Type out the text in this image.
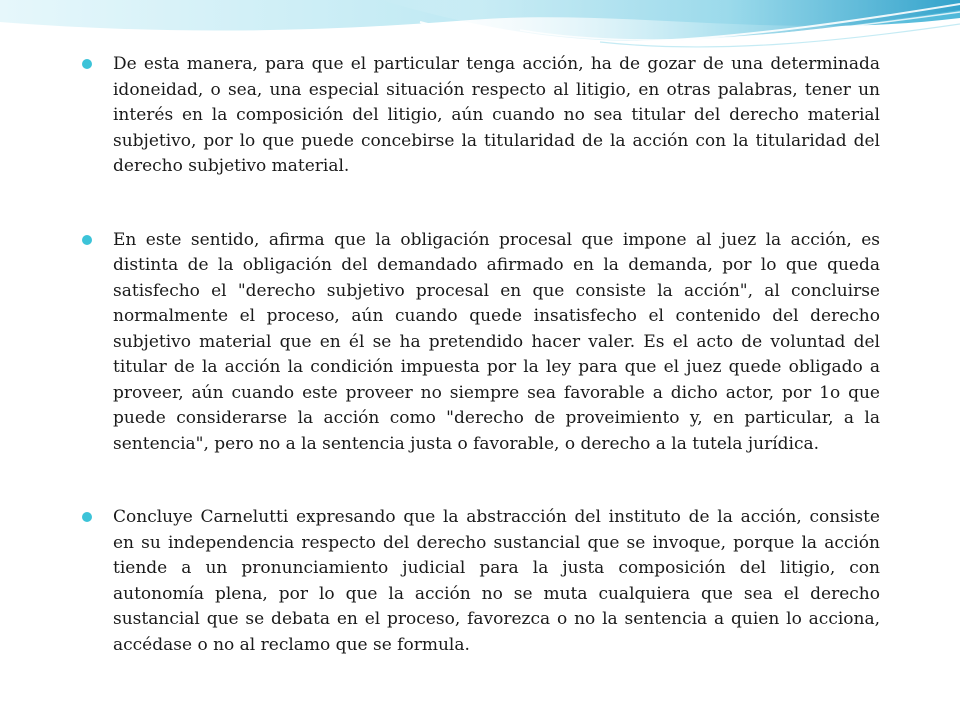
De esta manera, para que el particular tenga acción, ha de gozar de una determinada idoneidad, o sea, una especial situación respecto al litigio, en otras palabras, tener un interés en la composición del litigio, aún cuando no sea titular del derecho material subjetivo, por lo que puede concebirse la titularidad de la acción con la titularidad del derecho subjetivo material.

En este sentido, afirma que la obligación procesal que impone al juez la acción, es distinta de la obligación del demandado afirmado en la demanda, por lo que queda satisfecho el "derecho subjetivo procesal en que consiste la acción", al concluirse normalmente el proceso, aún cuando quede insatisfecho el contenido del derecho subjetivo material que en él se ha pretendido hacer valer. Es el acto de voluntad del titular de la acción la condición impuesta por la ley para que el juez quede obligado a proveer, aún cuando este proveer no siempre sea favorable a dicho actor, por 1o que puede considerarse la acción como "derecho de proveimiento y, en particular, a la sentencia", pero no a la sentencia justa o favorable, o derecho a la tutela jurídica.

Concluye Carnelutti expresando que la abstracción del instituto de la acción, consiste en su independencia respecto del derecho sustancial que se invoque, porque la acción tiende a un pronunciamiento judicial para la justa composición del litigio, con autonomía plena, por lo que la acción no se muta cualquiera que sea el derecho sustancial que se debata en el proceso, favorezca o no la sentencia a quien lo acciona, accédase o no al reclamo que se formula.
